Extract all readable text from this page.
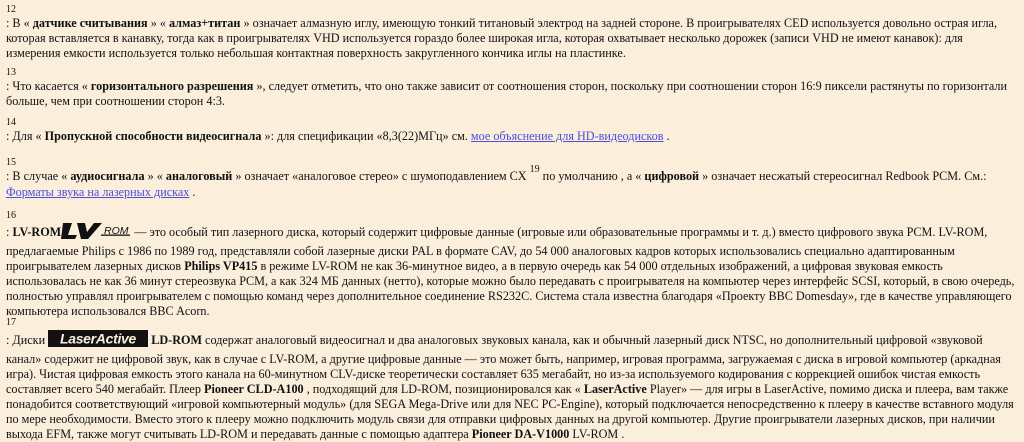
12
: В « датчике считывания » « алмаз+титан » означает алмазную иглу, имеющую тонкий титановый электрод на задней стороне. В проигрывателях CED используется довольно острая игла, которая вставляется в канавку, тогда как в проигрывателях VHD используется гораздо более широкая игла, которая охватывает несколько дорожек (записи VHD не имеют канавок): для измерения емкости используется только небольшая контактная поверхность закругленного кончика иглы на пластинке.
13
: Что касается « горизонтального разрешения », следует отметить, что оно также зависит от соотношения сторон, поскольку при соотношении сторон 16:9 пиксели растянуты по горизонтали больше, чем при соотношении сторон 4:3.
14
: Для « Пропускной способности видеосигнала »: для спецификации «8,3(22)МГц» см. мое объяснение для HD-видеодисков .
15
: В случае « аудиосигнала » « аналоговый » означает «аналоговое стерео» с шумоподавлением CX $^{19}$ по умолчанию , а « цифровой » означает несжатый стереосигнал Redbook PCM. См.: Форматы звука на лазерных дисках .
16
: LV-ROM	ROM — это особый тип лазерного диска, который содержит цифровые данные (игровые или образовательные программы и т. д.) вместо цифрового звука PCM. LV-ROM, предлагаемые Philips с 1986 по 1989 год, представляли собой лазерные диски PAL в формате CAV, до 54 000 аналоговых кадров которых использовались специально адаптированным проигрывателем лазерных дисков Philips VP415 в режиме LV-ROM не как 36-минутное видео, а в первую очередь как 54 000 отдельных изображений, а цифровая звуковая емкость использовалась не как 36 минут стереозвука PCM, а как 324 МБ данных (нетто), которые можно было передавать с проигрывателя на компьютер через интерфейс SCSI, который, в свою очередь, полностью управлял проигрывателем с помощью команд через дополнительное соединение RS232C. Система стала известна благодаря «Проекту BBC Domesday», где в качестве управляющего компьютера использовался BBC Acorn.
17
: Диски LaserActive LD-ROM содержат аналоговый видеосигнал и два аналоговых звуковых канала, как и обычный лазерный диск NTSC, но дополнительный цифровой «звуковой канал» содержит не цифровой звук, как в случае с LV-ROM, а другие цифровые данные — это может быть, например, игровая программа, загружаемая с диска в игровой компьютер (аркадная игра). Чистая цифровая емкость этого канала на 60-минутном CLV-диске теоретически составляет 635 мегабайт, но из-за используемого кодирования с коррекцией ошибок чистая емкость составляет всего 540 мегабайт. Плеер Pioneer CLD-A100 , подходящий для LD-ROM, позиционировался как « LaserActive Player» — для игры в LaserActive, помимо диска и плеера, вам также понадобится соответствующий «игровой компьютерный модуль» (для SEGA Mega-Drive или для NEC PC-Engine), который подключается непосредственно к плееру в качестве вставного модуля по мере необходимости. Вместо этого к плееру можно подключить модуль связи для отправки цифровых данных на другой компьютер. Другие проигрыватели лазерных дисков, при наличии выхода EFM, также могут считывать LD-ROM и передавать данные с помощью адаптера Pioneer DA-V1000 LV-ROM .
